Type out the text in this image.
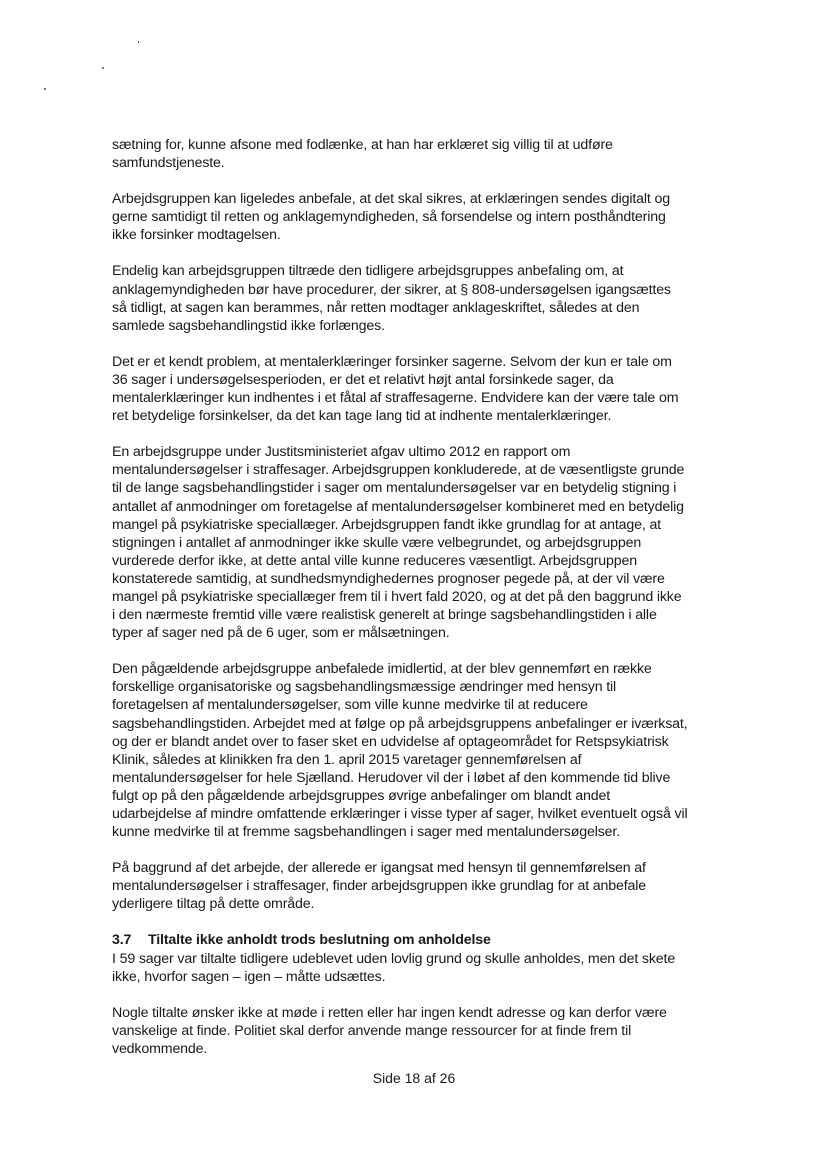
sætning for, kunne afsone med fodlænke, at han har erklæret sig villig til at udføre samfundstjeneste.

Arbejdsgruppen kan ligeledes anbefale, at det skal sikres, at erklæringen sendes digitalt og gerne samtidigt til retten og anklagemyndigheden, så forsendelse og intern posthåndtering ikke forsinker modtagelsen.

Endelig kan arbejdsgruppen tiltræde den tidligere arbejdsgruppes anbefaling om, at anklagemyndigheden bør have procedurer, der sikrer, at § 808-undersøgelsen igangsættes så tidligt, at sagen kan berammes, når retten modtager anklageskriftet, således at den samlede sagsbehandlingstid ikke forlænges.

Det er et kendt problem, at mentalerklæringer forsinker sagerne. Selvom der kun er tale om 36 sager i undersøgelsesperioden, er det et relativt højt antal forsinkede sager, da mentalerklæringer kun indhentes i et fåtal af straffesagerne. Endvidere kan der være tale om ret betydelige forsinkelser, da det kan tage lang tid at indhente mentalerklæringer.

En arbejdsgruppe under Justitsministeriet afgav ultimo 2012 en rapport om mentalundersøgelser i straffesager. Arbejdsgruppen konkluderede, at de væsentligste grunde til de lange sagsbehandlingstider i sager om mentalundersøgelser var en betydelig stigning i antallet af anmodninger om foretagelse af mentalundersøgelser kombineret med en betydelig mangel på psykiatriske speciallæger. Arbejdsgruppen fandt ikke grundlag for at antage, at stigningen i antallet af anmodninger ikke skulle være velbegrundet, og arbejdsgruppen vurderede derfor ikke, at dette antal ville kunne reduceres væsentligt. Arbejdsgruppen konstaterede samtidig, at sundhedsmyndighedernes prognoser pegede på, at der vil være mangel på psykiatriske speciallæger frem til i hvert fald 2020, og at det på den baggrund ikke i den nærmeste fremtid ville være realistisk generelt at bringe sagsbehandlingstiden i alle typer af sager ned på de 6 uger, som er målsætningen.

Den pågældende arbejdsgruppe anbefalede imidlertid, at der blev gennemført en række forskellige organisatoriske og sagsbehandlingsmæssige ændringer med hensyn til foretagelsen af mentalundersøgelser, som ville kunne medvirke til at reducere sagsbehandlingstiden. Arbejdet med at følge op på arbejdsgruppens anbefalinger er iværksat, og der er blandt andet over to faser sket en udvidelse af optageområdet for Retspsykiatrisk Klinik, således at klinikken fra den 1. april 2015 varetager gennemførelsen af mentalundersøgelser for hele Sjælland. Herudover vil der i løbet af den kommende tid blive fulgt op på den pågældende arbejdsgruppes øvrige anbefalinger om blandt andet udarbejdelse af mindre omfattende erklæringer i visse typer af sager, hvilket eventuelt også vil kunne medvirke til at fremme sagsbehandlingen i sager med mentalundersøgelser.

På baggrund af det arbejde, der allerede er igangsat med hensyn til gennemførelsen af mentalundersøgelser i straffesager, finder arbejdsgruppen ikke grundlag for at anbefale yderligere tiltag på dette område.

3.7 Tiltalte ikke anholdt trods beslutning om anholdelse

I 59 sager var tiltalte tidligere udeblevet uden lovlig grund og skulle anholdes, men det skete ikke, hvorfor sagen – igen – måtte udsættes.

Nogle tiltalte ønsker ikke at møde i retten eller har ingen kendt adresse og kan derfor være vanskelige at finde. Politiet skal derfor anvende mange ressourcer for at finde frem til vedkommende.

Side 18 af 26
